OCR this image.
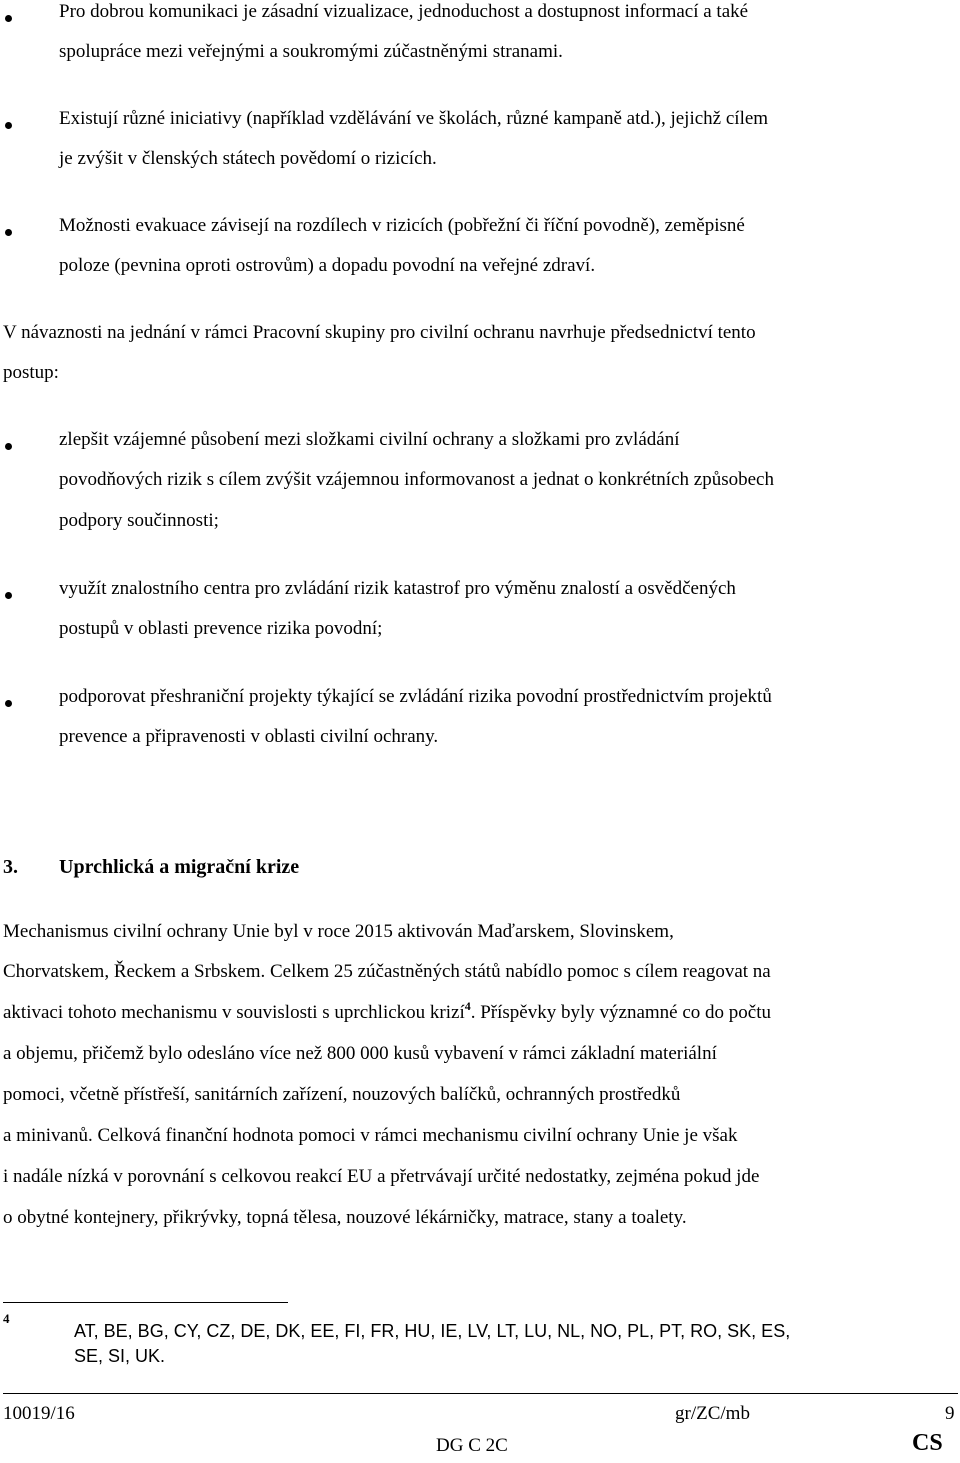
Pro dobrou komunikaci je zásadní vizualizace, jednoduchost a dostupnost informací a také
spolupráce mezi veřejnými a soukromými zúčastněnými stranami.
Existují různé iniciativy (například vzdělávání ve školách, různé kampaně atd.), jejichž cílem
je zvýšit v členských státech povědomí o rizicích.
Možnosti evakuace závisejí na rozdílech v rizicích (pobřežní či říční povodně), zeměpisné
poloze (pevnina oproti ostrovům) a dopadu povodní na veřejné zdraví.
V návaznosti na jednání v rámci Pracovní skupiny pro civilní ochranu navrhuje předsednictví tento
postup:
zlepšit vzájemné působení mezi složkami civilní ochrany a složkami pro zvládání
povodňových rizik s cílem zvýšit vzájemnou informovanost a jednat o konkrétních způsobech
podpory součinnosti;
využít znalostního centra pro zvládání rizik katastrof pro výměnu znalostí a osvědčených
postupů v oblasti prevence rizika povodní;
podporovat přeshraniční projekty týkající se zvládání rizika povodní prostřednictvím projektů
prevence a připravenosti v oblasti civilní ochrany.
3. Uprchlická a migrační krize
Mechanismus civilní ochrany Unie byl v roce 2015 aktivován Maďarskem, Slovinskem,
Chorvatskem, Řeckem a Srbskem. Celkem 25 zúčastněných států nabídlo pomoc s cílem reagovat na
aktivaci tohoto mechanismu v souvislosti s uprchlickou krizí$^4$. Příspěvky byly významné co do počtu
a objemu, přičemž bylo odesláno více než 800 000 kusů vybavení v rámci základní materiální
pomoci, včetně přístřeší, sanitárních zařízení, nouzových balíčků, ochranných prostředků
a minivanů. Celková finanční hodnota pomoci v rámci mechanismu civilní ochrany Unie je však
i nadále nízká v porovnání s celkovou reakcí EU a přetrvávají určité nedostatky, zejména pokud jde
o obytné kontejnery, přikrývky, topná tělesa, nouzové lékárničky, matrace, stany a toalety.
4
AT, BE, BG, CY, CZ, DE, DK, EE, FI, FR, HU, IE, LV, LT, LU, NL, NO, PL, PT, RO, SK, ES,
SE, SI, UK.
10019/16	gr/ZC/mb	9
DG C 2C	CS
